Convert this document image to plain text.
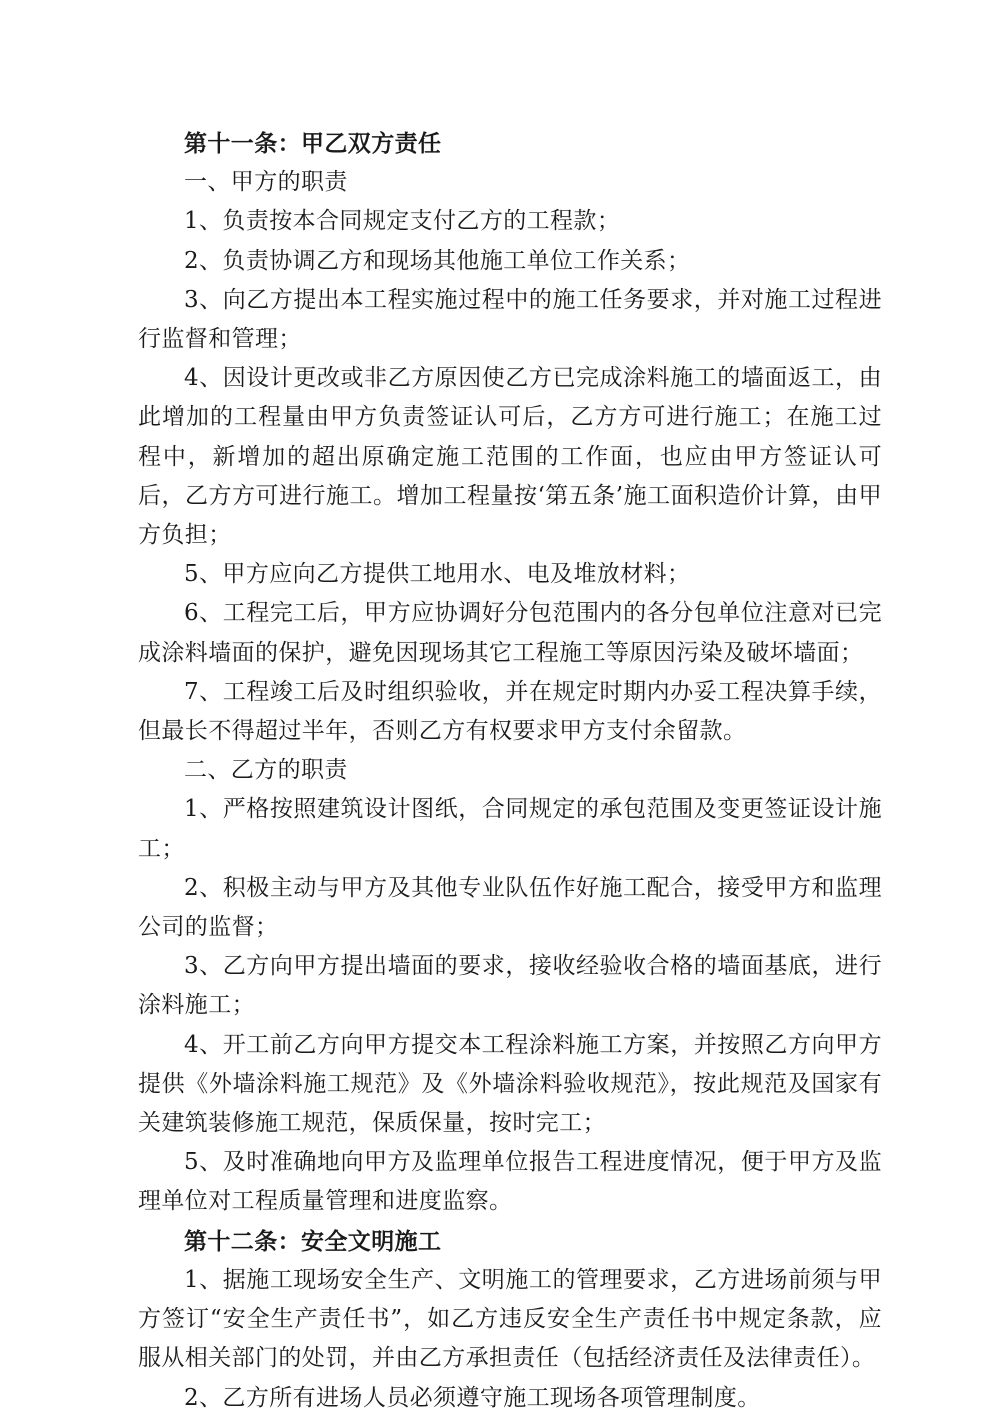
第十一条：甲乙双方责任

一、甲方的职责

1、负责按本合同规定支付乙方的工程款；

2、负责协调乙方和现场其他施工单位工作关系；

3、向乙方提出本工程实施过程中的施工任务要求，并对施工过程进行监督和管理；

4、因设计更改或非乙方原因使乙方已完成涂料施工的墙面返工，由此增加的工程量由甲方负责签证认可后，乙方方可进行施工；在施工过程中，新增加的超出原确定施工范围的工作面，也应由甲方签证认可后，乙方方可进行施工。增加工程量按‘第五条’施工面积造价计算，由甲方负担；

5、甲方应向乙方提供工地用水、电及堆放材料；

6、工程完工后，甲方应协调好分包范围内的各分包单位注意对已完成涂料墙面的保护，避免因现场其它工程施工等原因污染及破坏墙面；

7、工程竣工后及时组织验收，并在规定时期内办妥工程决算手续，但最长不得超过半年，否则乙方有权要求甲方支付余留款。

二、乙方的职责

1、严格按照建筑设计图纸，合同规定的承包范围及变更签证设计施工；

2、积极主动与甲方及其他专业队伍作好施工配合，接受甲方和监理公司的监督；

3、乙方向甲方提出墙面的要求，接收经验收合格的墙面基底，进行涂料施工；

4、开工前乙方向甲方提交本工程涂料施工方案，并按照乙方向甲方提供《外墙涂料施工规范》及《外墙涂料验收规范》，按此规范及国家有关建筑装修施工规范，保质保量，按时完工；

5、及时准确地向甲方及监理单位报告工程进度情况，便于甲方及监理单位对工程质量管理和进度监察。

第十二条：安全文明施工

1、据施工现场安全生产、文明施工的管理要求，乙方进场前须与甲方签订“安全生产责任书”，如乙方违反安全生产责任书中规定条款，应服从相关部门的处罚，并由乙方承担责任（包括经济责任及法律责任）。

2、乙方所有进场人员必须遵守施工现场各项管理制度。
